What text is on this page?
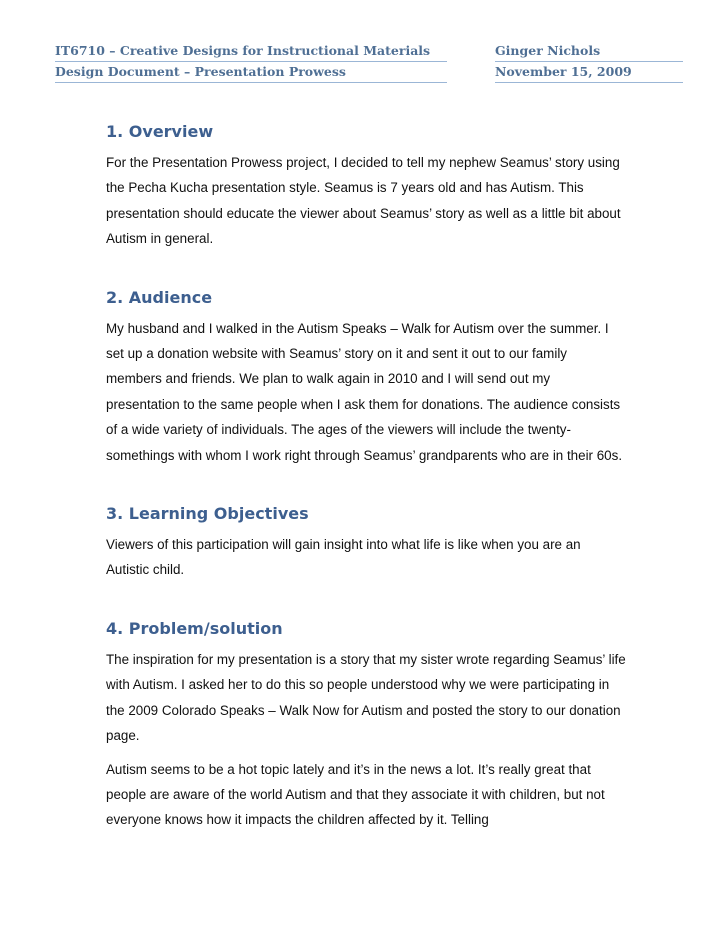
IT6710 – Creative Designs for Instructional Materials
Design Document – Presentation Prowess
Ginger Nichols
November 15, 2009
1. Overview

For the Presentation Prowess project, I decided to tell my nephew Seamus’ story using the Pecha Kucha presentation style. Seamus is 7 years old and has Autism. This presentation should educate the viewer about Seamus’ story as well as a little bit about Autism in general.

2. Audience

My husband and I walked in the Autism Speaks – Walk for Autism over the summer. I set up a donation website with Seamus’ story on it and sent it out to our family members and friends. We plan to walk again in 2010 and I will send out my presentation to the same people when I ask them for donations. The audience consists of a wide variety of individuals. The ages of the viewers will include the twenty-somethings with whom I work right through Seamus’ grandparents who are in their 60s.

3. Learning Objectives

Viewers of this participation will gain insight into what life is like when you are an Autistic child.

4. Problem/solution

The inspiration for my presentation is a story that my sister wrote regarding Seamus’ life with Autism. I asked her to do this so people understood why we were participating in the 2009 Colorado Speaks – Walk Now for Autism and posted the story to our donation page.

Autism seems to be a hot topic lately and it’s in the news a lot. It’s really great that people are aware of the world Autism and that they associate it with children, but not everyone knows how it impacts the children affected by it. Telling
